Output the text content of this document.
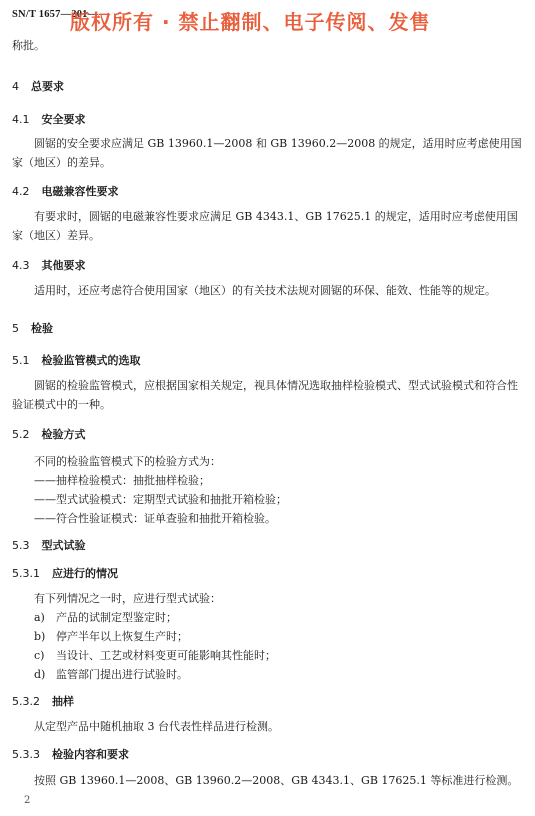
SN/T 1657—201—
版权所有 · 禁止翻制、电子传阅、发售
称批。
4 总要求
4.1 安全要求
圆锯的安全要求应满足 GB 13960.1—2008 和 GB 13960.2—2008 的规定，适用时应考虑使用国家（地区）的差异。
4.2 电磁兼容性要求
有要求时，圆锯的电磁兼容性要求应满足 GB 4343.1、GB 17625.1 的规定，适用时应考虑使用国家（地区）差异。
4.3 其他要求
适用时，还应考虑符合使用国家（地区）的有关技术法规对圆锯的环保、能效、性能等的规定。
5 检验
5.1 检验监管模式的选取
圆锯的检验监管模式，应根据国家相关规定，视具体情况选取抽样检验模式、型式试验模式和符合性验证模式中的一种。
5.2 检验方式
不同的检验监管模式下的检验方式为：
——抽样检验模式：抽批抽样检验；
——型式试验模式：定期型式试验和抽批开箱检验；
——符合性验证模式：证单查验和抽批开箱检验。
5.3 型式试验
5.3.1 应进行的情况
有下列情况之一时，应进行型式试验：
a) 产品的试制定型鉴定时；
b) 停产半年以上恢复生产时；
c) 当设计、工艺或材料变更可能影响其性能时；
d) 监管部门提出进行试验时。
5.3.2 抽样
从定型产品中随机抽取 3 台代表性样品进行检测。
5.3.3 检验内容和要求
按照 GB 13960.1—2008、GB 13960.2—2008、GB 4343.1、GB 17625.1 等标准进行检测。
2
